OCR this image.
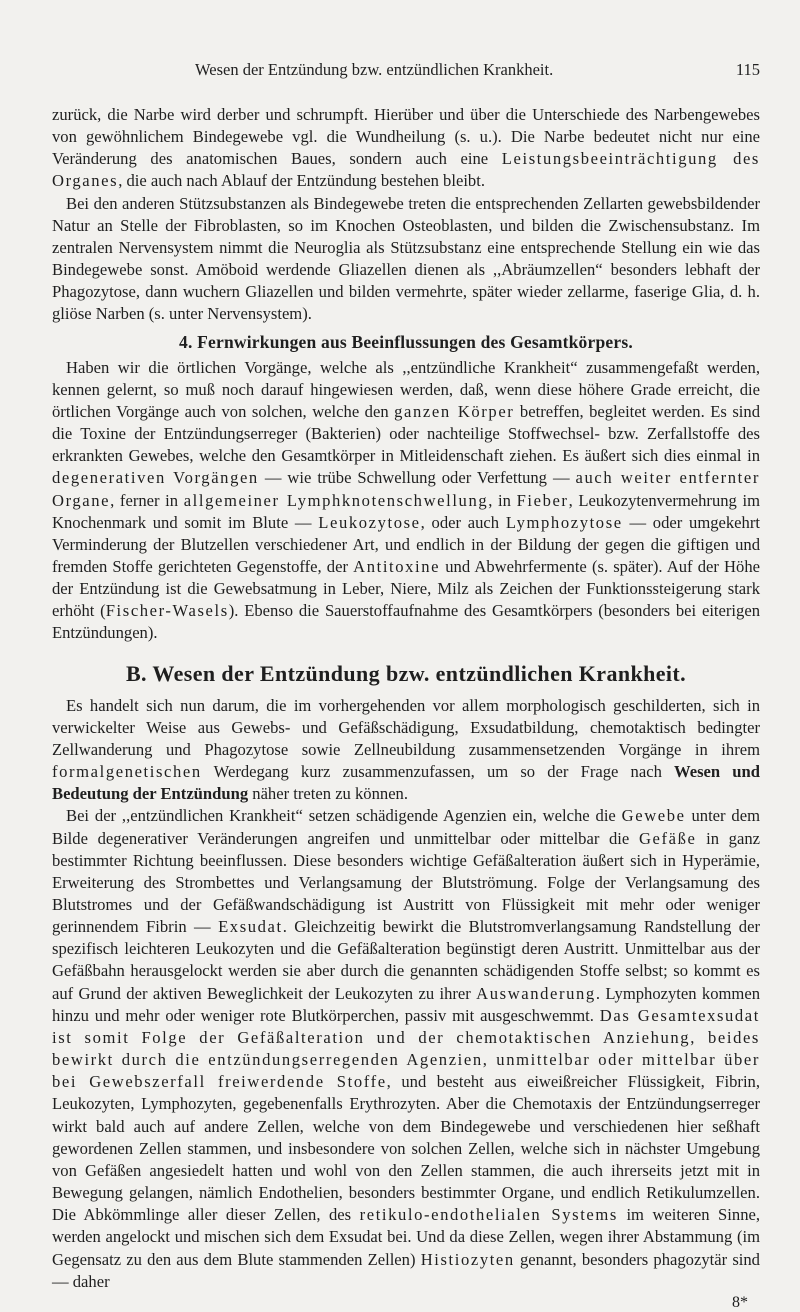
Wesen der Entzündung bzw. entzündlichen Krankheit.	115

zurück, die Narbe wird derber und schrumpft. Hierüber und über die Unterschiede des Narbengewebes von gewöhnlichem Bindegewebe vgl. die Wundheilung (s. u.). Die Narbe bedeutet nicht nur eine Veränderung des anatomischen Baues, sondern auch eine Leistungsbeeinträchtigung des Organes, die auch nach Ablauf der Entzündung bestehen bleibt.

Bei den anderen Stützsubstanzen als Bindegewebe treten die entsprechenden Zellarten gewebsbildender Natur an Stelle der Fibroblasten, so im Knochen Osteoblasten, und bilden die Zwischensubstanz. Im zentralen Nervensystem nimmt die Neuroglia als Stützsubstanz eine entsprechende Stellung ein wie das Bindegewebe sonst. Amöboid werdende Gliazellen dienen als ,,Abräumzellen“ besonders lebhaft der Phagozytose, dann wuchern Gliazellen und bilden vermehrte, später wieder zellarme, faserige Glia, d. h. gliöse Narben (s. unter Nervensystem).

4. Fernwirkungen aus Beeinflussungen des Gesamtkörpers.

Haben wir die örtlichen Vorgänge, welche als ,,entzündliche Krankheit“ zusammengefaßt werden, kennen gelernt, so muß noch darauf hingewiesen werden, daß, wenn diese höhere Grade erreicht, die örtlichen Vorgänge auch von solchen, welche den ganzen Körper betreffen, begleitet werden. Es sind die Toxine der Entzündungserreger (Bakterien) oder nachteilige Stoffwechsel- bzw. Zerfallstoffe des erkrankten Gewebes, welche den Gesamtkörper in Mitleidenschaft ziehen. Es äußert sich dies einmal in degenerativen Vorgängen — wie trübe Schwellung oder Verfettung — auch weiter entfernter Organe, ferner in allgemeiner Lymphknotenschwellung, in Fieber, Leukozytenvermehrung im Knochenmark und somit im Blute — Leukozytose, oder auch Lymphozytose — oder umgekehrt Verminderung der Blutzellen verschiedener Art, und endlich in der Bildung der gegen die giftigen und fremden Stoffe gerichteten Gegenstoffe, der Antitoxine und Abwehrfermente (s. später). Auf der Höhe der Entzündung ist die Gewebsatmung in Leber, Niere, Milz als Zeichen der Funktionssteigerung stark erhöht (Fischer-Wasels). Ebenso die Sauerstoffaufnahme des Gesamtkörpers (besonders bei eiterigen Entzündungen).

B. Wesen der Entzündung bzw. entzündlichen Krankheit.

Es handelt sich nun darum, die im vorhergehenden vor allem morphologisch geschilderten, sich in verwickelter Weise aus Gewebs- und Gefäßschädigung, Exsudatbildung, chemotaktisch bedingter Zellwanderung und Phagozytose sowie Zellneubildung zusammensetzenden Vorgänge in ihrem formalgenetischen Werdegang kurz zusammenzufassen, um so der Frage nach Wesen und Bedeutung der Entzündung näher treten zu können.

Bei der ,,entzündlichen Krankheit“ setzen schädigende Agenzien ein, welche die Gewebe unter dem Bilde degenerativer Veränderungen angreifen und unmittelbar oder mittelbar die Gefäße in ganz bestimmter Richtung beeinflussen. Diese besonders wichtige Gefäßalteration äußert sich in Hyperämie, Erweiterung des Strombettes und Verlangsamung der Blutströmung. Folge der Verlangsamung des Blutstromes und der Gefäßwandschädigung ist Austritt von Flüssigkeit mit mehr oder weniger gerinnendem Fibrin — Exsudat. Gleichzeitig bewirkt die Blutstromverlangsamung Randstellung der spezifisch leichteren Leukozyten und die Gefäßalteration begünstigt deren Austritt. Unmittelbar aus der Gefäßbahn herausgelockt werden sie aber durch die genannten schädigenden Stoffe selbst; so kommt es auf Grund der aktiven Beweglichkeit der Leukozyten zu ihrer Auswanderung. Lymphozyten kommen hinzu und mehr oder weniger rote Blutkörperchen, passiv mit ausgeschwemmt. Das Gesamtexsudat ist somit Folge der Gefäßalteration und der chemotaktischen Anziehung, beides bewirkt durch die entzündungserregenden Agenzien, unmittelbar oder mittelbar über bei Gewebszerfall freiwerdende Stoffe, und besteht aus eiweißreicher Flüssigkeit, Fibrin, Leukozyten, Lymphozyten, gegebenenfalls Erythrozyten. Aber die Chemotaxis der Entzündungserreger wirkt bald auch auf andere Zellen, welche von dem Bindegewebe und verschiedenen hier seßhaft gewordenen Zellen stammen, und insbesondere von solchen Zellen, welche sich in nächster Umgebung von Gefäßen angesiedelt hatten und wohl von den Zellen stammen, die auch ihrerseits jetzt mit in Bewegung gelangen, nämlich Endothelien, besonders bestimmter Organe, und endlich Retikulumzellen. Die Abkömmlinge aller dieser Zellen, des retikulo-endothelialen Systems im weiteren Sinne, werden angelockt und mischen sich dem Exsudat bei. Und da diese Zellen, wegen ihrer Abstammung (im Gegensatz zu den aus dem Blute stammenden Zellen) Histiozyten genannt, besonders phagozytär sind — daher

8*
